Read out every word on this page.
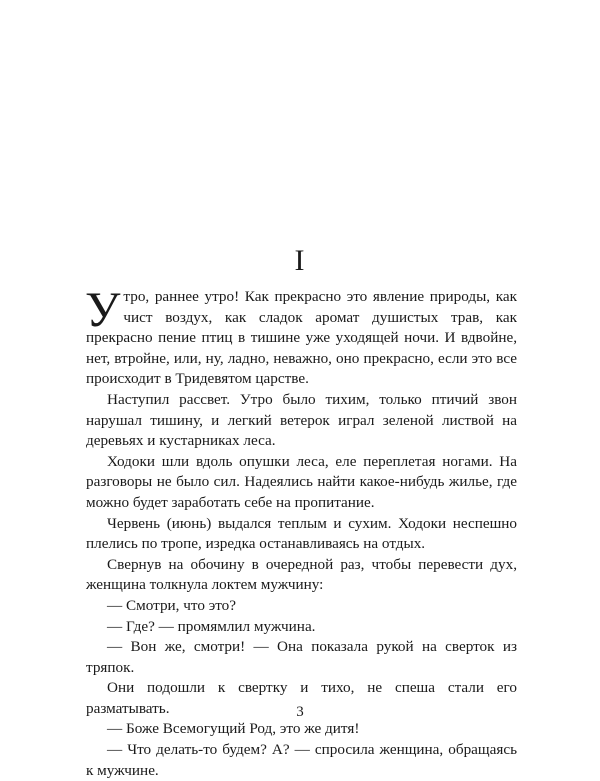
I

Утро, раннее утро! Как прекрасно это явление природы, как чист воздух, как сладок аромат душистых трав, как прекрасно пение птиц в тишине уже уходящей ночи. И вдвойне, нет, втройне, или, ну, ладно, неважно, оно прекрасно, если это все происходит в Тридевятом царстве.

Наступил рассвет. Утро было тихим, только птичий звон нарушал тишину, и легкий ветерок играл зеленой листвой на деревьях и кустарниках леса.

Ходоки шли вдоль опушки леса, еле переплетая ногами. На разговоры не было сил. Надеялись найти какое-нибудь жилье, где можно будет заработать себе на пропитание.

Червень (июнь) выдался теплым и сухим. Ходоки неспешно плелись по тропе, изредка останавливаясь на отдых.

Свернув на обочину в очередной раз, чтобы перевести дух, женщина толкнула локтем мужчину:

— Смотри, что это?

— Где? — промямлил мужчина.

— Вон же, смотри! — Она показала рукой на сверток из тряпок.

Они подошли к свертку и тихо, не спеша стали его разматывать.

— Боже Всемогущий Род, это же дитя!

— Что делать-то будем? А? — спросила женщина, обращаясь к мужчине.

3
